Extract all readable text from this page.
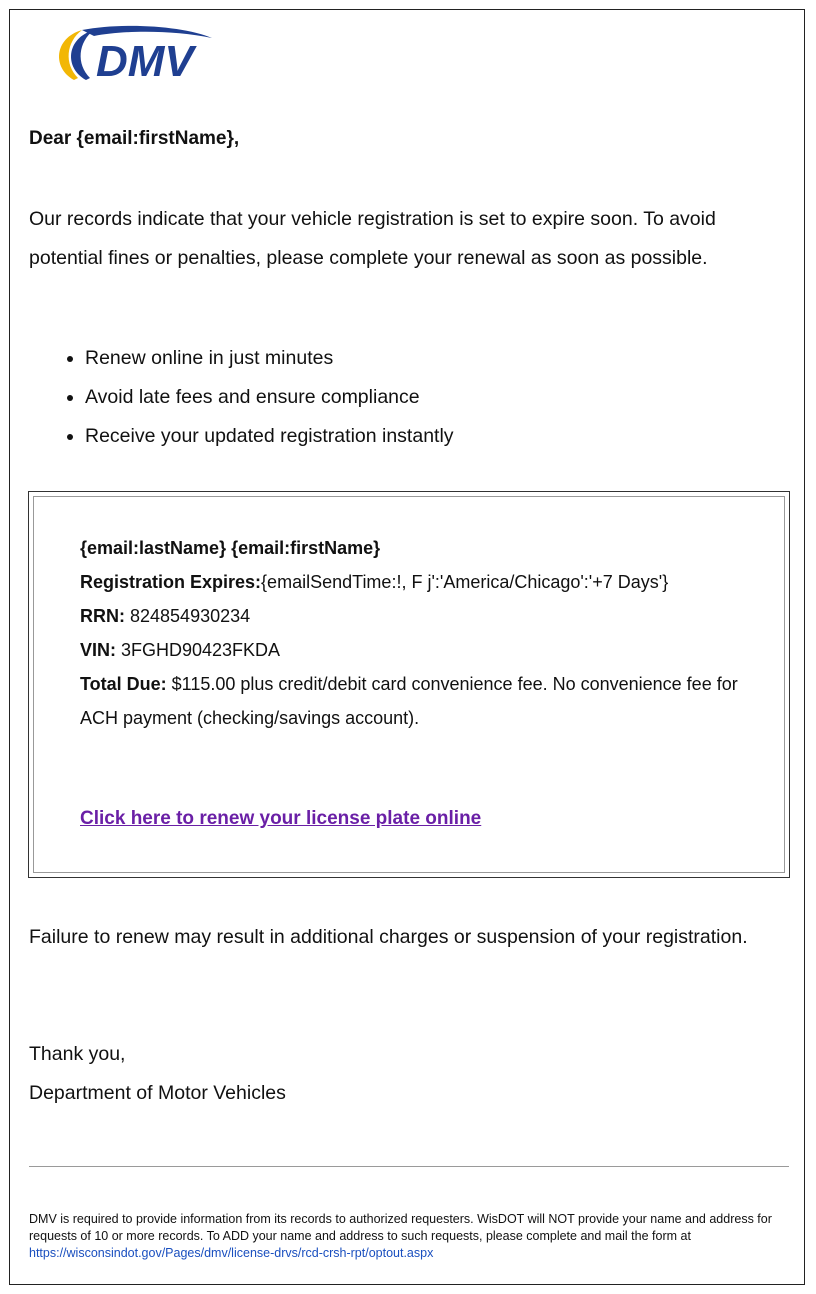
DMV
Dear {email:firstName},

Our records indicate that your vehicle registration is set to expire soon. To avoid potential fines or penalties, please complete your renewal as soon as possible.

• Renew online in just minutes
• Avoid late fees and ensure compliance
• Receive your updated registration instantly
{email:lastName} {email:firstName}
Registration Expires:{emailSendTime:!, F j':'America/Chicago':'+7 Days'}
RRN: 824854930234
VIN: 3FGHD90423FKDA
Total Due: $115.00 plus credit/debit card convenience fee. No convenience fee for ACH payment (checking/savings account).
Click here to renew your license plate online

Failure to renew may result in additional charges or suspension of your registration.

Thank you,
Department of Motor Vehicles
DMV is required to provide information from its records to authorized requesters. WisDOT will NOT provide your name and address for requests of 10 or more records. To ADD your name and address to such requests, please complete and mail the form at https://wisconsindot.gov/Pages/dmv/license-drvs/rcd-crsh-rpt/optout.aspx
